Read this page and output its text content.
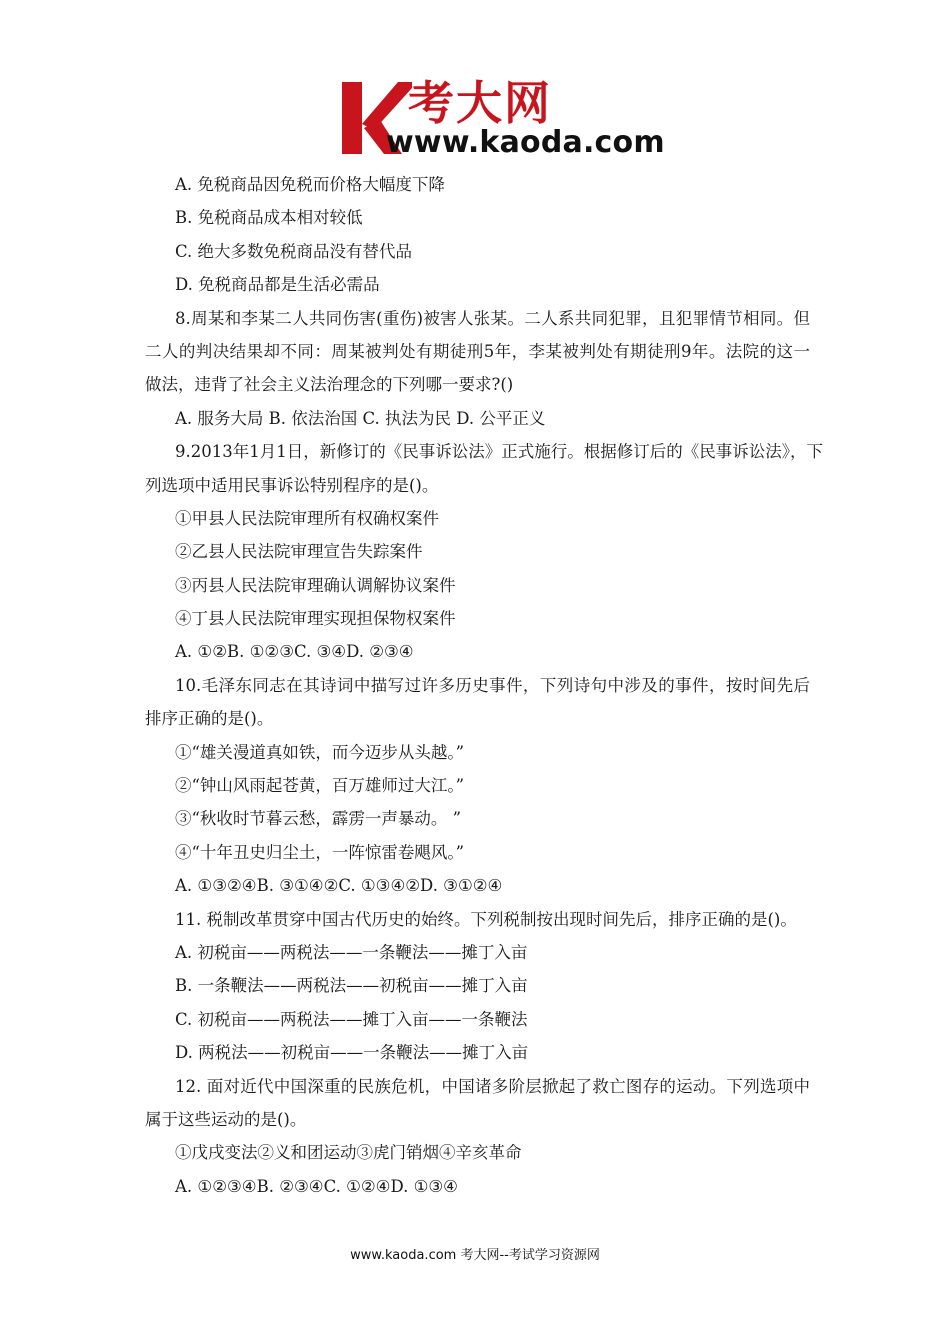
考大网
www.kaoda.com
A. 免税商品因免税而价格大幅度下降
B. 免税商品成本相对较低
C. 绝大多数免税商品没有替代品
D. 免税商品都是生活必需品
8.周某和李某二人共同伤害(重伤)被害人张某。二人系共同犯罪，且犯罪情节相同。但
二人的判决结果却不同：周某被判处有期徒刑5年，李某被判处有期徒刑9年。法院的这一
做法，违背了社会主义法治理念的下列哪一要求?()
A. 服务大局 B. 依法治国 C. 执法为民 D. 公平正义
9.2013年1月1日，新修订的《民事诉讼法》正式施行。根据修订后的《民事诉讼法》，下
列选项中适用民事诉讼特别程序的是()。
①甲县人民法院审理所有权确权案件
②乙县人民法院审理宣告失踪案件
③丙县人民法院审理确认调解协议案件
④丁县人民法院审理实现担保物权案件
A. ①②B. ①②③C. ③④D. ②③④
10.毛泽东同志在其诗词中描写过许多历史事件，下列诗句中涉及的事件，按时间先后
排序正确的是()。
①“雄关漫道真如铁，而今迈步从头越。”
②“钟山风雨起苍黄，百万雄师过大江。”
③“秋收时节暮云愁，霹雳一声暴动。 ”
④“十年丑史归尘土，一阵惊雷卷飓风。”
A. ①③②④B. ③①④②C. ①③④②D. ③①②④
11. 税制改革贯穿中国古代历史的始终。下列税制按出现时间先后，排序正确的是()。
A. 初税亩——两税法——一条鞭法——摊丁入亩
B. 一条鞭法——两税法——初税亩——摊丁入亩
C. 初税亩——两税法——摊丁入亩——一条鞭法
D. 两税法——初税亩——一条鞭法——摊丁入亩
12. 面对近代中国深重的民族危机，中国诸多阶层掀起了救亡图存的运动。下列选项中
属于这些运动的是()。
①戊戌变法②义和团运动③虎门销烟④辛亥革命
A. ①②③④B. ②③④C. ①②④D. ①③④
www.kaoda.com 考大网--考试学习资源网
